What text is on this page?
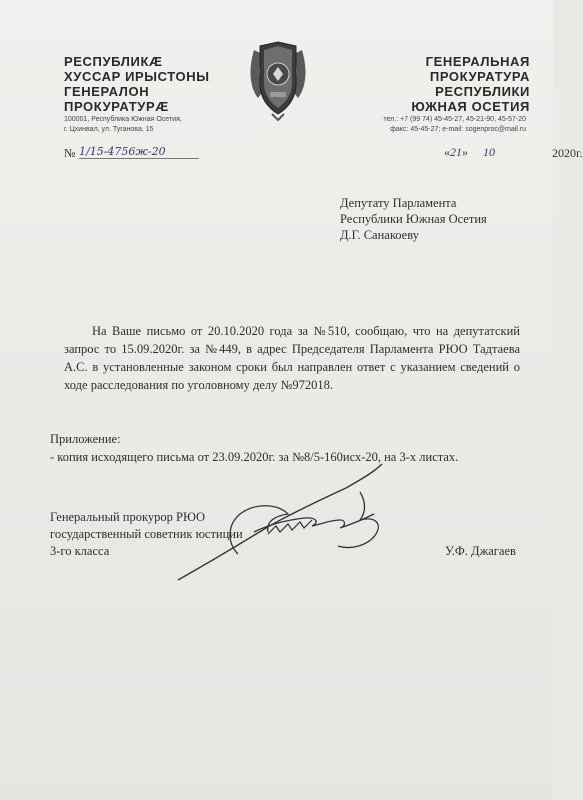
РЕСПУБЛИКÆ
ХУССАР ИРЫСТОНЫ
ГЕНЕРАЛОН
ПРОКУРАТУРÆ
100001, Республика Южная Осетия,
г. Цхинвал, ул. Туганова, 15
ГЕНЕРАЛЬНАЯ
ПРОКУРАТУРА
РЕСПУБЛИКИ
ЮЖНАЯ ОСЕТИЯ
тел.: +7 (99 74) 45-45-27, 45-21-90, 45-57-20
факс: 45-45-27; e-mail: sogenproc@mail.ru
№ 1/15-4756ж-20	«21»     10	2020г.
Депутату Парламента
Республики Южная Осетия
Д.Г. Санакоеву

На Ваше письмо от 20.10.2020 года за №510, сообщаю, что на депутатский запрос то 15.09.2020г. за №449, в адрес Председателя Парламента РЮО Тадтаева А.С. в установленные законом сроки был направлен ответ с указанием сведений о ходе расследования по уголовному делу №972018.

Приложение:
- копия исходящего письма от 23.09.2020г. за №8/5-160исх-20, на 3-х листах.
Генеральный прокурор РЮО
государственный советник юстиции
3-го класса	У.Ф. Джагаев
